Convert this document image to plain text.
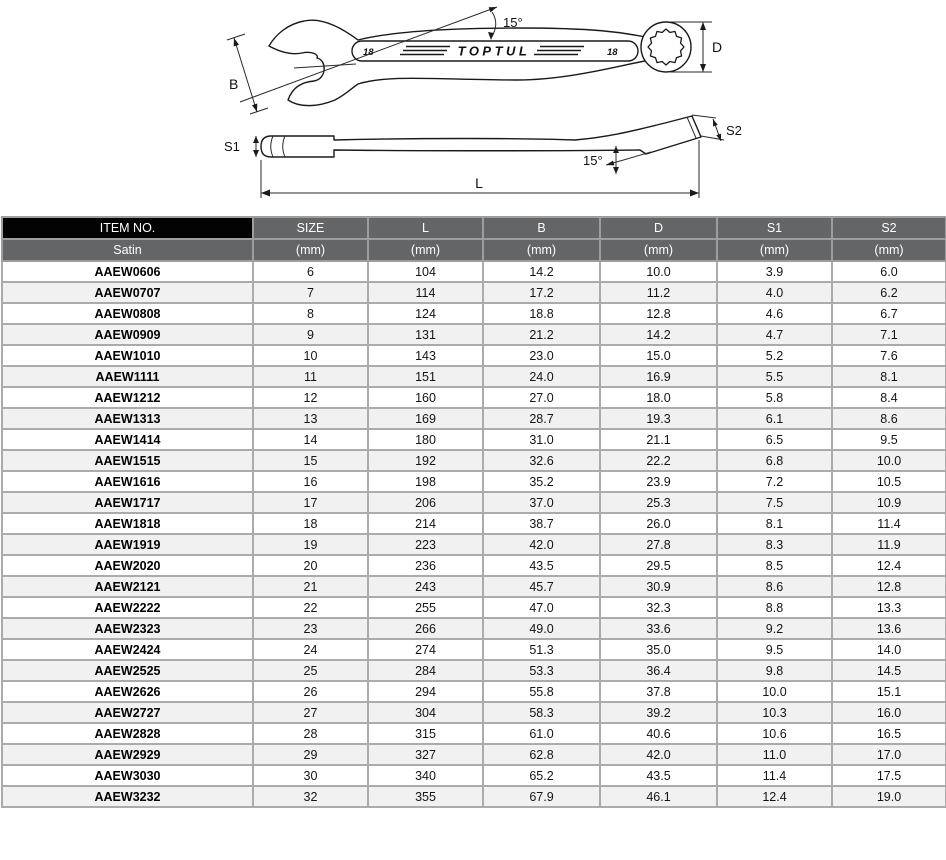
18	18
TOPTUL
15°
B
D
S1
S2
15°
L
ITEM NO.	SIZE	L	B	D	S1	S2
Satin	(mm)	(mm)	(mm)	(mm)	(mm)	(mm)
AAEW0606	6	104	14.2	10.0	3.9	6.0
AAEW0707	7	114	17.2	11.2	4.0	6.2
AAEW0808	8	124	18.8	12.8	4.6	6.7
AAEW0909	9	131	21.2	14.2	4.7	7.1
AAEW1010	10	143	23.0	15.0	5.2	7.6
AAEW1111	11	151	24.0	16.9	5.5	8.1
AAEW1212	12	160	27.0	18.0	5.8	8.4
AAEW1313	13	169	28.7	19.3	6.1	8.6
AAEW1414	14	180	31.0	21.1	6.5	9.5
AAEW1515	15	192	32.6	22.2	6.8	10.0
AAEW1616	16	198	35.2	23.9	7.2	10.5
AAEW1717	17	206	37.0	25.3	7.5	10.9
AAEW1818	18	214	38.7	26.0	8.1	11.4
AAEW1919	19	223	42.0	27.8	8.3	11.9
AAEW2020	20	236	43.5	29.5	8.5	12.4
AAEW2121	21	243	45.7	30.9	8.6	12.8
AAEW2222	22	255	47.0	32.3	8.8	13.3
AAEW2323	23	266	49.0	33.6	9.2	13.6
AAEW2424	24	274	51.3	35.0	9.5	14.0
AAEW2525	25	284	53.3	36.4	9.8	14.5
AAEW2626	26	294	55.8	37.8	10.0	15.1
AAEW2727	27	304	58.3	39.2	10.3	16.0
AAEW2828	28	315	61.0	40.6	10.6	16.5
AAEW2929	29	327	62.8	42.0	11.0	17.0
AAEW3030	30	340	65.2	43.5	11.4	17.5
AAEW3232	32	355	67.9	46.1	12.4	19.0
